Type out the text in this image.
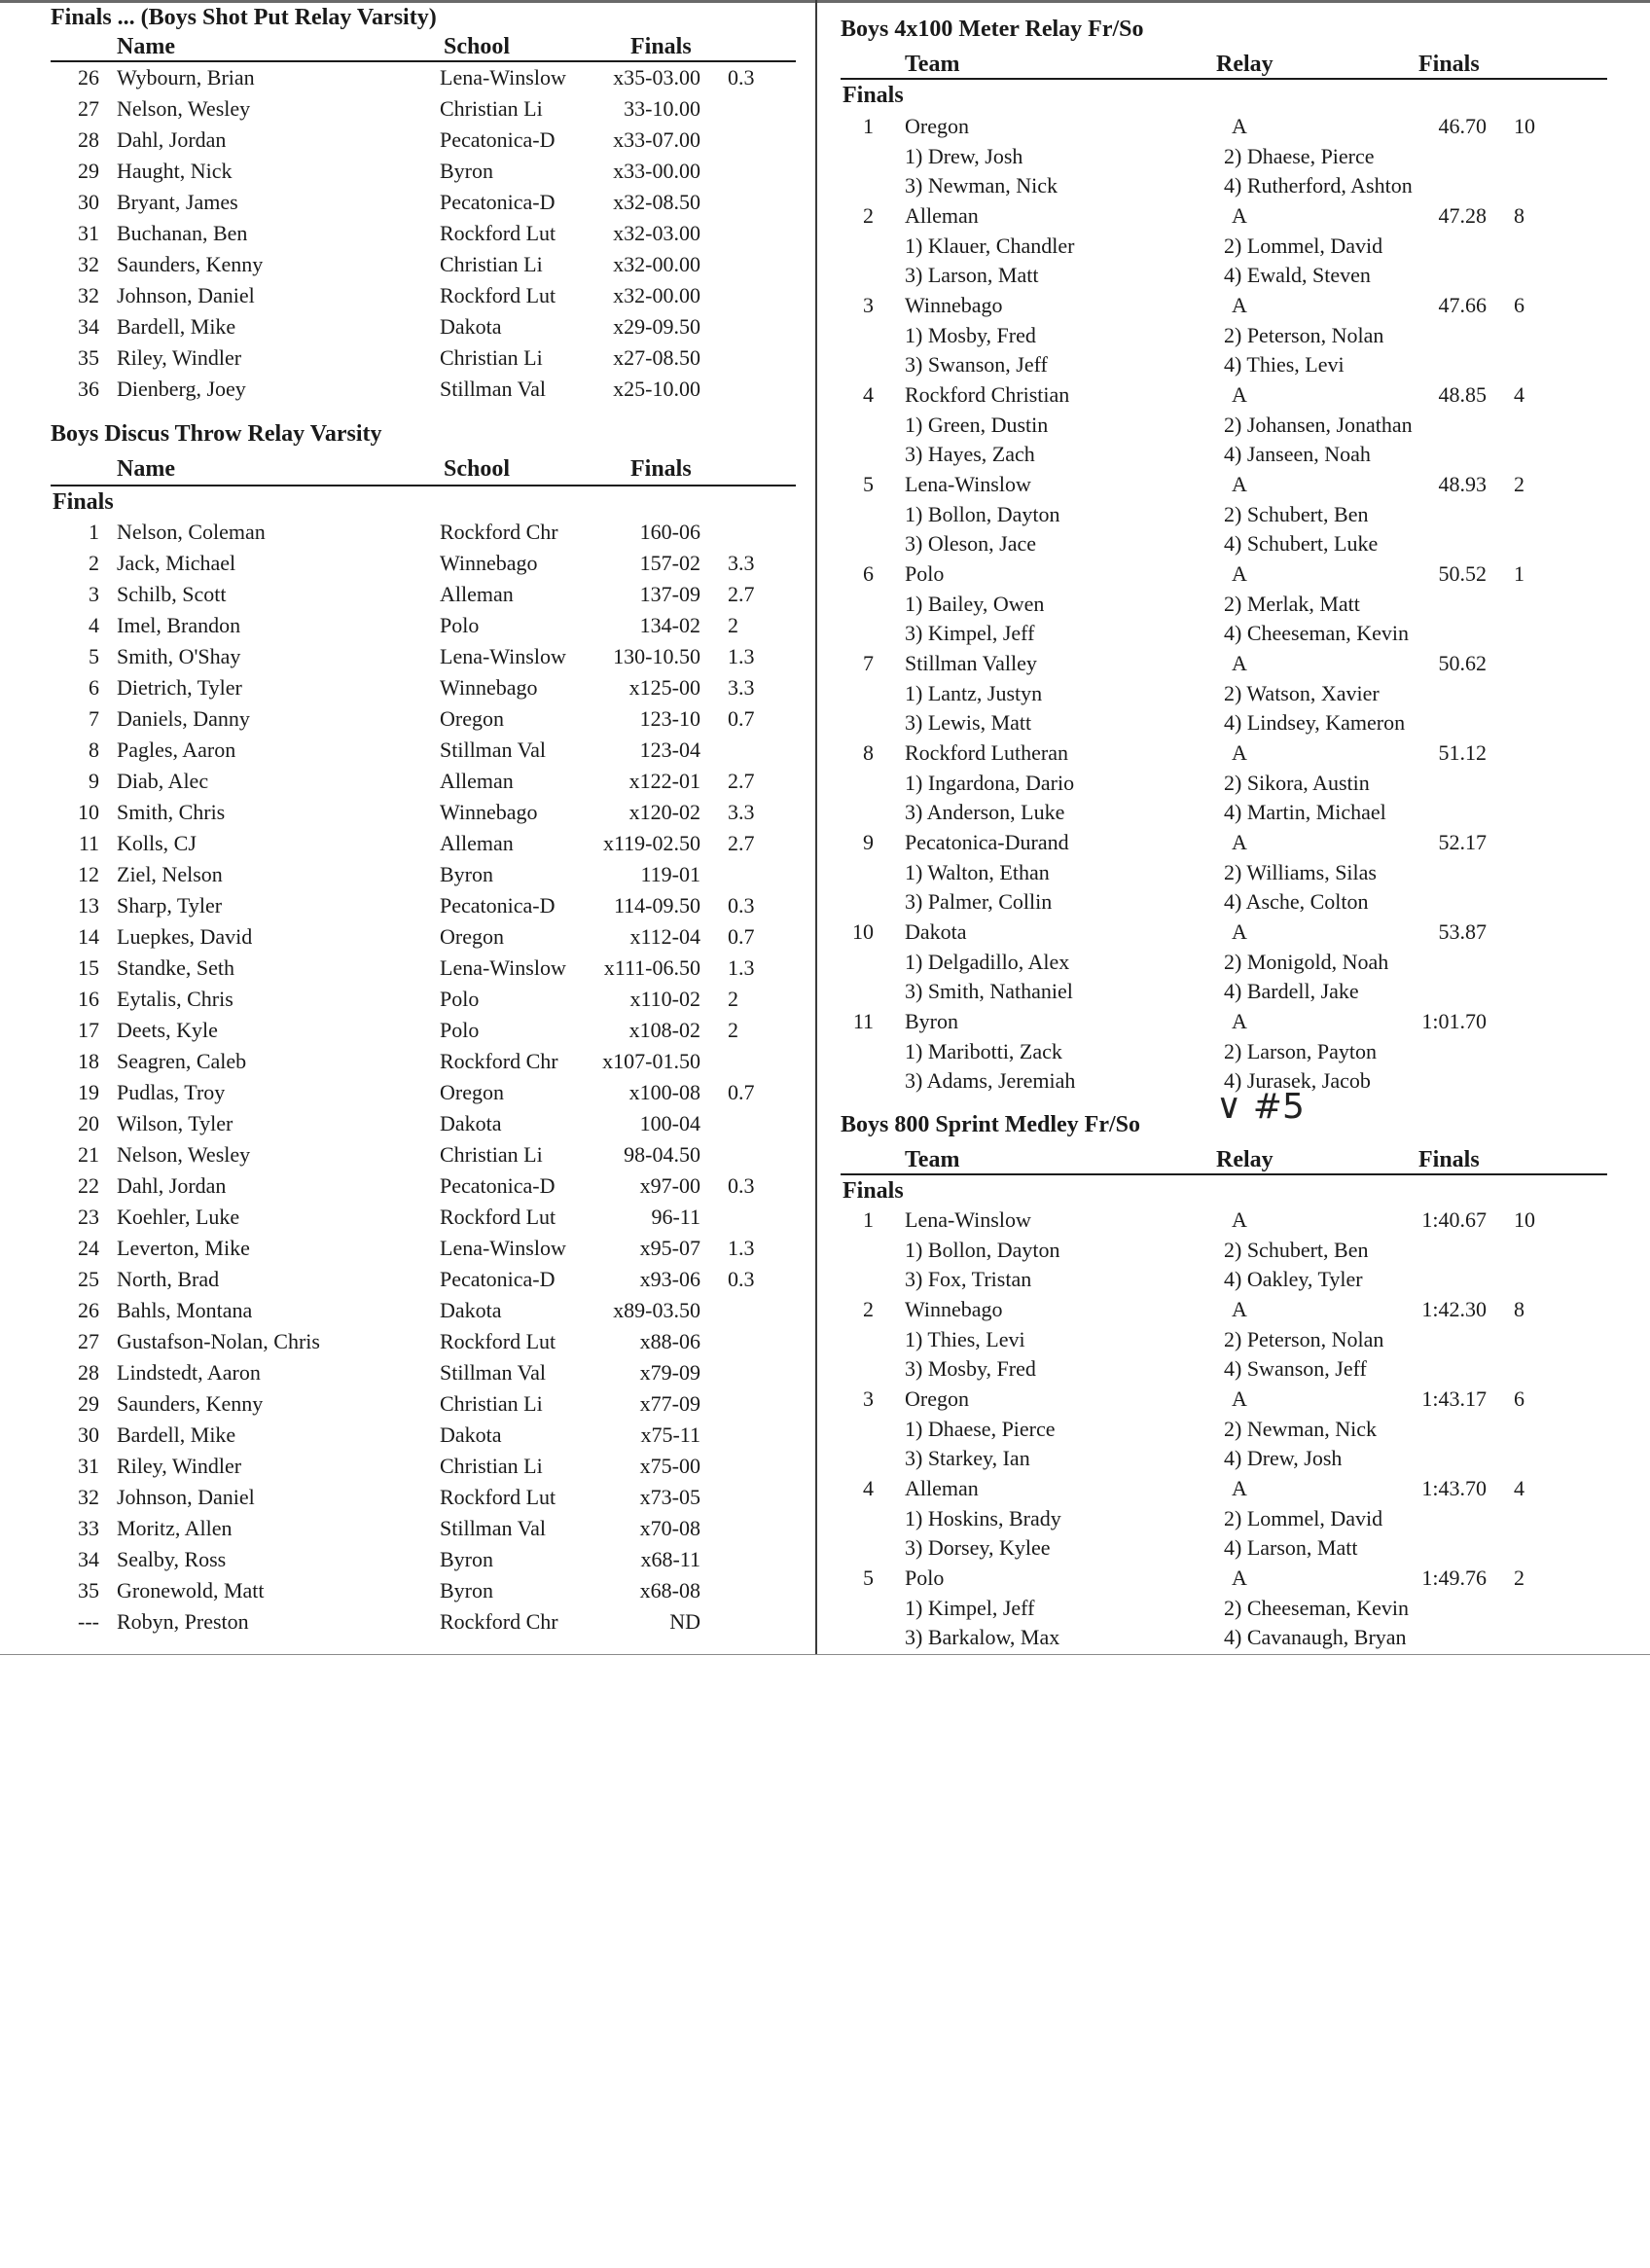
Finals ... (Boys Shot Put Relay Varsity)
Name	School	Finals
26 Wybourn, Brian	Lena-Winslow	x35-03.00 0.3
27 Nelson, Wesley	Christian Li	33-10.00
28 Dahl, Jordan	Pecatonica-D	x33-07.00
29 Haught, Nick	Byron	x33-00.00
30 Bryant, James	Pecatonica-D	x32-08.50
31 Buchanan, Ben	Rockford Lut	x32-03.00
32 Saunders, Kenny	Christian Li	x32-00.00
32 Johnson, Daniel	Rockford Lut	x32-00.00
34 Bardell, Mike	Dakota	x29-09.50
35 Riley, Windler	Christian Li	x27-08.50
36 Dienberg, Joey	Stillman Val	x25-10.00
Boys Discus Throw Relay Varsity
Name	School	Finals
Finals
1 Nelson, Coleman	Rockford Chr	160-06
2 Jack, Michael	Winnebago	157-02 3.3
3 Schilb, Scott	Alleman	137-09 2.7
4 Imel, Brandon	Polo	134-02 2
5 Smith, O'Shay	Lena-Winslow	130-10.50 1.3
6 Dietrich, Tyler	Winnebago	x125-00 3.3
7 Daniels, Danny	Oregon	123-10 0.7
8 Pagles, Aaron	Stillman Val	123-04
9 Diab, Alec	Alleman	x122-01 2.7
10 Smith, Chris	Winnebago	x120-02 3.3
11 Kolls, CJ	Alleman	x119-02.50 2.7
12 Ziel, Nelson	Byron	119-01
13 Sharp, Tyler	Pecatonica-D	114-09.50 0.3
14 Luepkes, David	Oregon	x112-04 0.7
15 Standke, Seth	Lena-Winslow	x111-06.50 1.3
16 Eytalis, Chris	Polo	x110-02 2
17 Deets, Kyle	Polo	x108-02 2
18 Seagren, Caleb	Rockford Chr	x107-01.50
19 Pudlas, Troy	Oregon	x100-08 0.7
20 Wilson, Tyler	Dakota	100-04
21 Nelson, Wesley	Christian Li	98-04.50
22 Dahl, Jordan	Pecatonica-D	x97-00 0.3
23 Koehler, Luke	Rockford Lut	96-11
24 Leverton, Mike	Lena-Winslow	x95-07 1.3
25 North, Brad	Pecatonica-D	x93-06 0.3
26 Bahls, Montana	Dakota	x89-03.50
27 Gustafson-Nolan, Chris	Rockford Lut	x88-06
28 Lindstedt, Aaron	Stillman Val	x79-09
29 Saunders, Kenny	Christian Li	x77-09
30 Bardell, Mike	Dakota	x75-11
31 Riley, Windler	Christian Li	x75-00
32 Johnson, Daniel	Rockford Lut	x73-05
33 Moritz, Allen	Stillman Val	x70-08
34 Sealby, Ross	Byron	x68-11
35 Gronewold, Matt	Byron	x68-08
--- Robyn, Preston	Rockford Chr	ND
Boys 4x100 Meter Relay Fr/So
Team	Relay	Finals
Finals
1 Oregon	A	46.70 10
1) Drew, Josh	2) Dhaese, Pierce
3) Newman, Nick	4) Rutherford, Ashton
2 Alleman	A	47.28 8
1) Klauer, Chandler	2) Lommel, David
3) Larson, Matt	4) Ewald, Steven
3 Winnebago	A	47.66 6
1) Mosby, Fred	2) Peterson, Nolan
3) Swanson, Jeff	4) Thies, Levi
4 Rockford Christian	A	48.85 4
1) Green, Dustin	2) Johansen, Jonathan
3) Hayes, Zach	4) Janseen, Noah
5 Lena-Winslow	A	48.93 2
1) Bollon, Dayton	2) Schubert, Ben
3) Oleson, Jace	4) Schubert, Luke
6 Polo	A	50.52 1
1) Bailey, Owen	2) Merlak, Matt
3) Kimpel, Jeff	4) Cheeseman, Kevin
7 Stillman Valley	A	50.62
1) Lantz, Justyn	2) Watson, Xavier
3) Lewis, Matt	4) Lindsey, Kameron
8 Rockford Lutheran	A	51.12
1) Ingardona, Dario	2) Sikora, Austin
3) Anderson, Luke	4) Martin, Michael
9 Pecatonica-Durand	A	52.17
1) Walton, Ethan	2) Williams, Silas
3) Palmer, Collin	4) Asche, Colton
10 Dakota	A	53.87
1) Delgadillo, Alex	2) Monigold, Noah
3) Smith, Nathaniel	4) Bardell, Jake
11 Byron	A	1:01.70
1) Maribotti, Zack	2) Larson, Payton
3) Adams, Jeremiah	4) Jurasek, Jacob
Boys 800 Sprint Medley Fr/So
Team	Relay	Finals
Finals
1 Lena-Winslow	A	1:40.67 10
1) Bollon, Dayton	2) Schubert, Ben
3) Fox, Tristan	4) Oakley, Tyler
2 Winnebago	A	1:42.30 8
1) Thies, Levi	2) Peterson, Nolan
3) Mosby, Fred	4) Swanson, Jeff
3 Oregon	A	1:43.17 6
1) Dhaese, Pierce	2) Newman, Nick
3) Starkey, Ian	4) Drew, Josh
4 Alleman	A	1:43.70 4
1) Hoskins, Brady	2) Lommel, David
3) Dorsey, Kylee	4) Larson, Matt
5 Polo	A	1:49.76 2
1) Kimpel, Jeff	2) Cheeseman, Kevin
3) Barkalow, Max	4) Cavanaugh, Bryan
∨ #5
